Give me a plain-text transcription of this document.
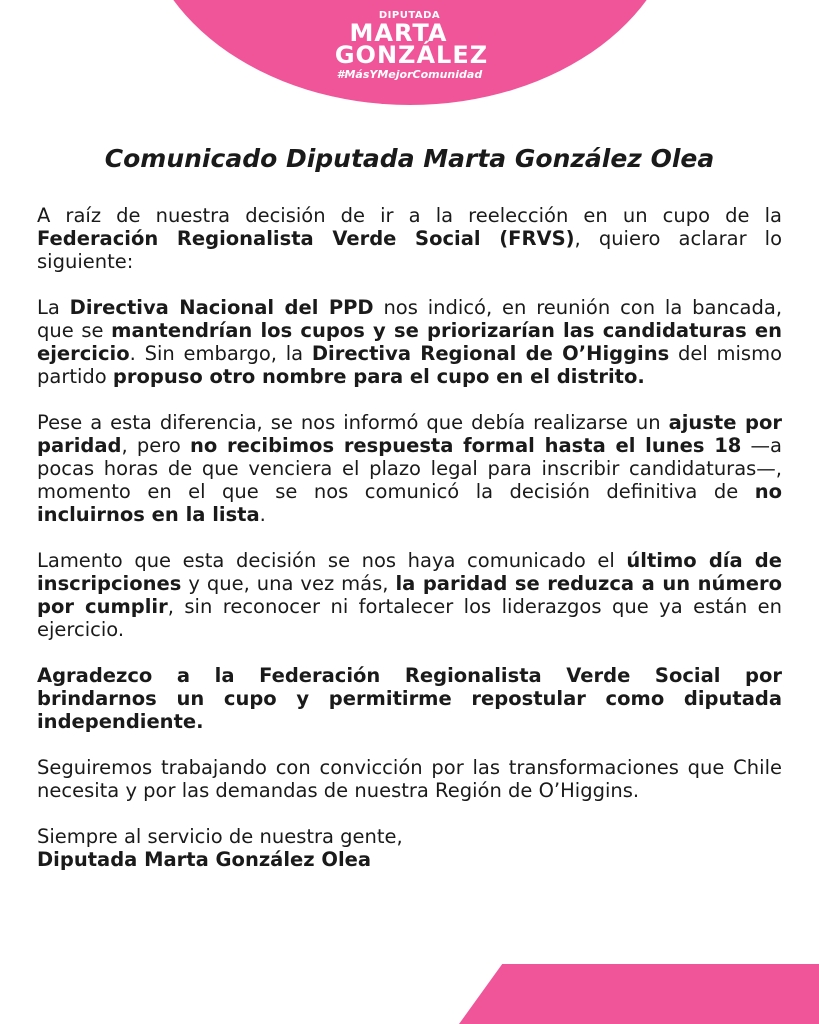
DIPUTADA
MARTA
GONZÁLEZ
#MásYMejorComunidad
Comunicado Diputada Marta González Olea

A raíz de nuestra decisión de ir a la reelección en un cupo de la Federación Regionalista Verde Social (FRVS), quiero aclarar lo siguiente:

La Directiva Nacional del PPD nos indicó, en reunión con la bancada, que se mantendrían los cupos y se priorizarían las candidaturas en ejercicio. Sin embargo, la Directiva Regional de O’Higgins del mismo partido propuso otro nombre para el cupo en el distrito.

Pese a esta diferencia, se nos informó que debía realizarse un ajuste por paridad, pero no recibimos respuesta formal hasta el lunes 18 —a pocas horas de que venciera el plazo legal para inscribir candidaturas—, momento en el que se nos comunicó la decisión definitiva de no incluirnos en la lista.

Lamento que esta decisión se nos haya comunicado el último día de inscripciones y que, una vez más, la paridad se reduzca a un número por cumplir, sin reconocer ni fortalecer los liderazgos que ya están en ejercicio.

Agradezco a la Federación Regionalista Verde Social por brindarnos un cupo y permitirme repostular como diputada independiente.

Seguiremos trabajando con convicción por las transformaciones que Chile necesita y por las demandas de nuestra Región de O’Higgins.

Siempre al servicio de nuestra gente,
Diputada Marta González Olea
